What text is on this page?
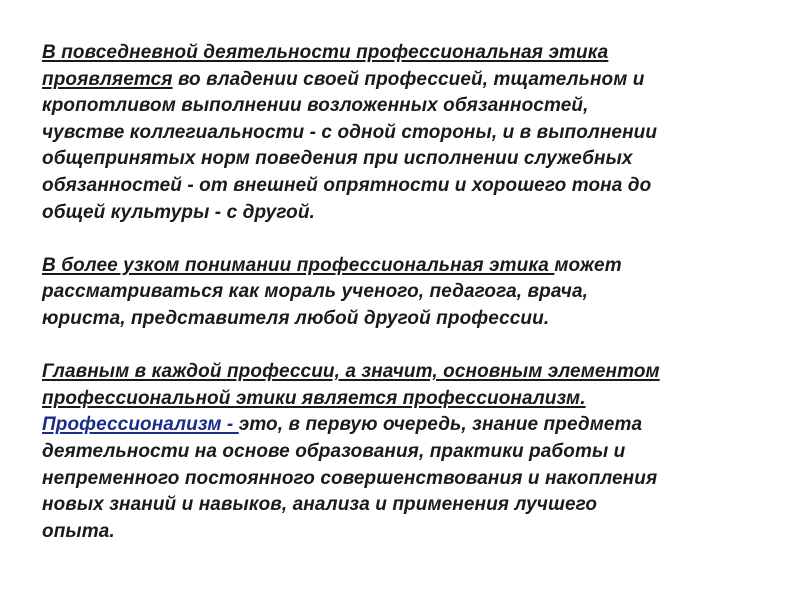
В повседневной деятельности профессиональная этика
проявляется во владении своей профессией, тщательном и
кропотливом выполнении возложенных обязанностей,
чувстве коллегиальности - с одной стороны, и в выполнении
общепринятых норм поведения при исполнении служебных
обязанностей - от внешней опрятности и хорошего тона до
общей культуры - с другой.
В более узком понимании профессиональная этика может
рассматриваться как мораль ученого, педагога, врача,
юриста, представителя любой другой профессии.
Главным в каждой профессии, а значит, основным элементом
профессиональной этики является профессионализм.
Профессионализм - это, в первую очередь, знание предмета
деятельности на основе образования, практики работы и
непременного постоянного совершенствования и накопления
новых знаний и навыков, анализа и применения лучшего
опыта.
